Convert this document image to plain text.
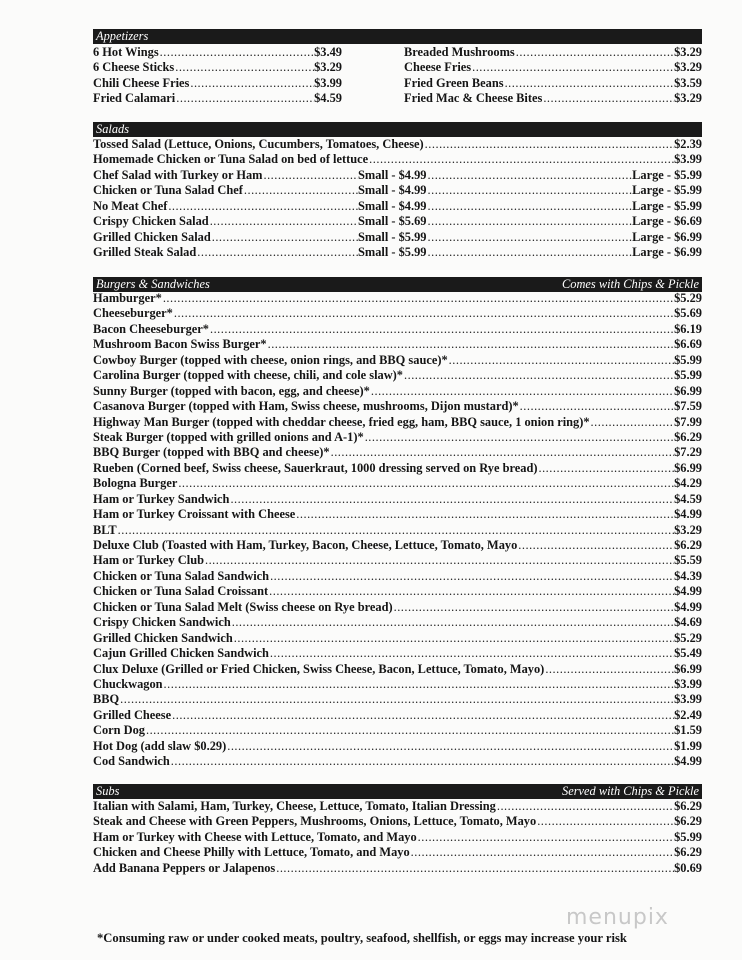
Appetizers
6 Hot Wings .....	$3.49
6 Cheese Sticks .....	$3.29
Chili Cheese Fries .....	$3.99
Fried Calamari .....	$4.59
Breaded Mushrooms .....	$3.29
Cheese Fries .....	$3.29
Fried Green Beans .....	$3.59
Fried Mac & Cheese Bites .....	$3.29
Salads
Tossed Salad (Lettuce, Onions, Cucumbers, Tomatoes, Cheese) .....	$2.39
Homemade Chicken or Tuna Salad on bed of lettuce .....	$3.99
Chef Salad with Turkey or Ham .....	Small - $4.99 .....	Large - $5.99
Chicken or Tuna Salad Chef .....	Small - $4.99 .....	Large - $5.99
No Meat Chef .....	Small - $4.99 .....	Large - $5.99
Crispy Chicken Salad .....	Small - $5.69 .....	Large - $6.69
Grilled Chicken Salad .....	Small - $5.99 .....	Large - $6.99
Grilled Steak Salad .....	Small - $5.99 .....	Large - $6.99
Burgers & Sandwiches	Comes with Chips & Pickle
Hamburger* .....	$5.29
Cheeseburger* .....	$5.69
Bacon Cheeseburger* .....	$6.19
Mushroom Bacon Swiss Burger* .....	$6.69
Cowboy Burger (topped with cheese, onion rings, and BBQ sauce)* .....	$5.99
Carolina Burger (topped with cheese, chili, and cole slaw)* .....	$5.99
Sunny Burger (topped with bacon, egg, and cheese)* .....	$6.99
Casanova Burger (topped with Ham, Swiss cheese, mushrooms, Dijon mustard)* .....	$7.59
Highway Man Burger (topped with cheddar cheese, fried egg, ham, BBQ sauce, 1 onion ring)* .....	$7.99
Steak Burger (topped with grilled onions and A-1)* .....	$6.29
BBQ Burger (topped with BBQ and cheese)* .....	$7.29
Rueben (Corned beef, Swiss cheese, Sauerkraut, 1000 dressing served on Rye bread) .....	$6.99
Bologna Burger .....	$4.29
Ham or Turkey Sandwich .....	$4.59
Ham or Turkey Croissant with Cheese .....	$4.99
BLT .....	$3.29
Deluxe Club (Toasted with Ham, Turkey, Bacon, Cheese, Lettuce, Tomato, Mayo .....	$6.29
Ham or Turkey Club .....	$5.59
Chicken or Tuna Salad Sandwich .....	$4.39
Chicken or Tuna Salad Croissant .....	$4.99
Chicken or Tuna Salad Melt (Swiss cheese on Rye bread) .....	$4.99
Crispy Chicken Sandwich .....	$4.69
Grilled Chicken Sandwich .....	$5.29
Cajun Grilled Chicken Sandwich .....	$5.49
Clux Deluxe (Grilled or Fried Chicken, Swiss Cheese, Bacon, Lettuce, Tomato, Mayo) .....	$6.99
Chuckwagon .....	$3.99
BBQ .....	$3.99
Grilled Cheese .....	$2.49
Corn Dog .....	$1.59
Hot Dog (add slaw $0.29) .....	$1.99
Cod Sandwich .....	$4.99
Subs	Served with Chips & Pickle
Italian with Salami, Ham, Turkey, Cheese, Lettuce, Tomato, Italian Dressing .....	$6.29
Steak and Cheese with Green Peppers, Mushrooms, Onions, Lettuce, Tomato, Mayo .....	$6.29
Ham or Turkey with Cheese with Lettuce, Tomato, and Mayo .....	$5.99
Chicken and Cheese Philly with Lettuce, Tomato, and Mayo .....	$6.29
Add Banana Peppers or Jalapenos .....	$0.69
menupix
*Consuming raw or under cooked meats, poultry, seafood, shellfish, or eggs may increase your risk
